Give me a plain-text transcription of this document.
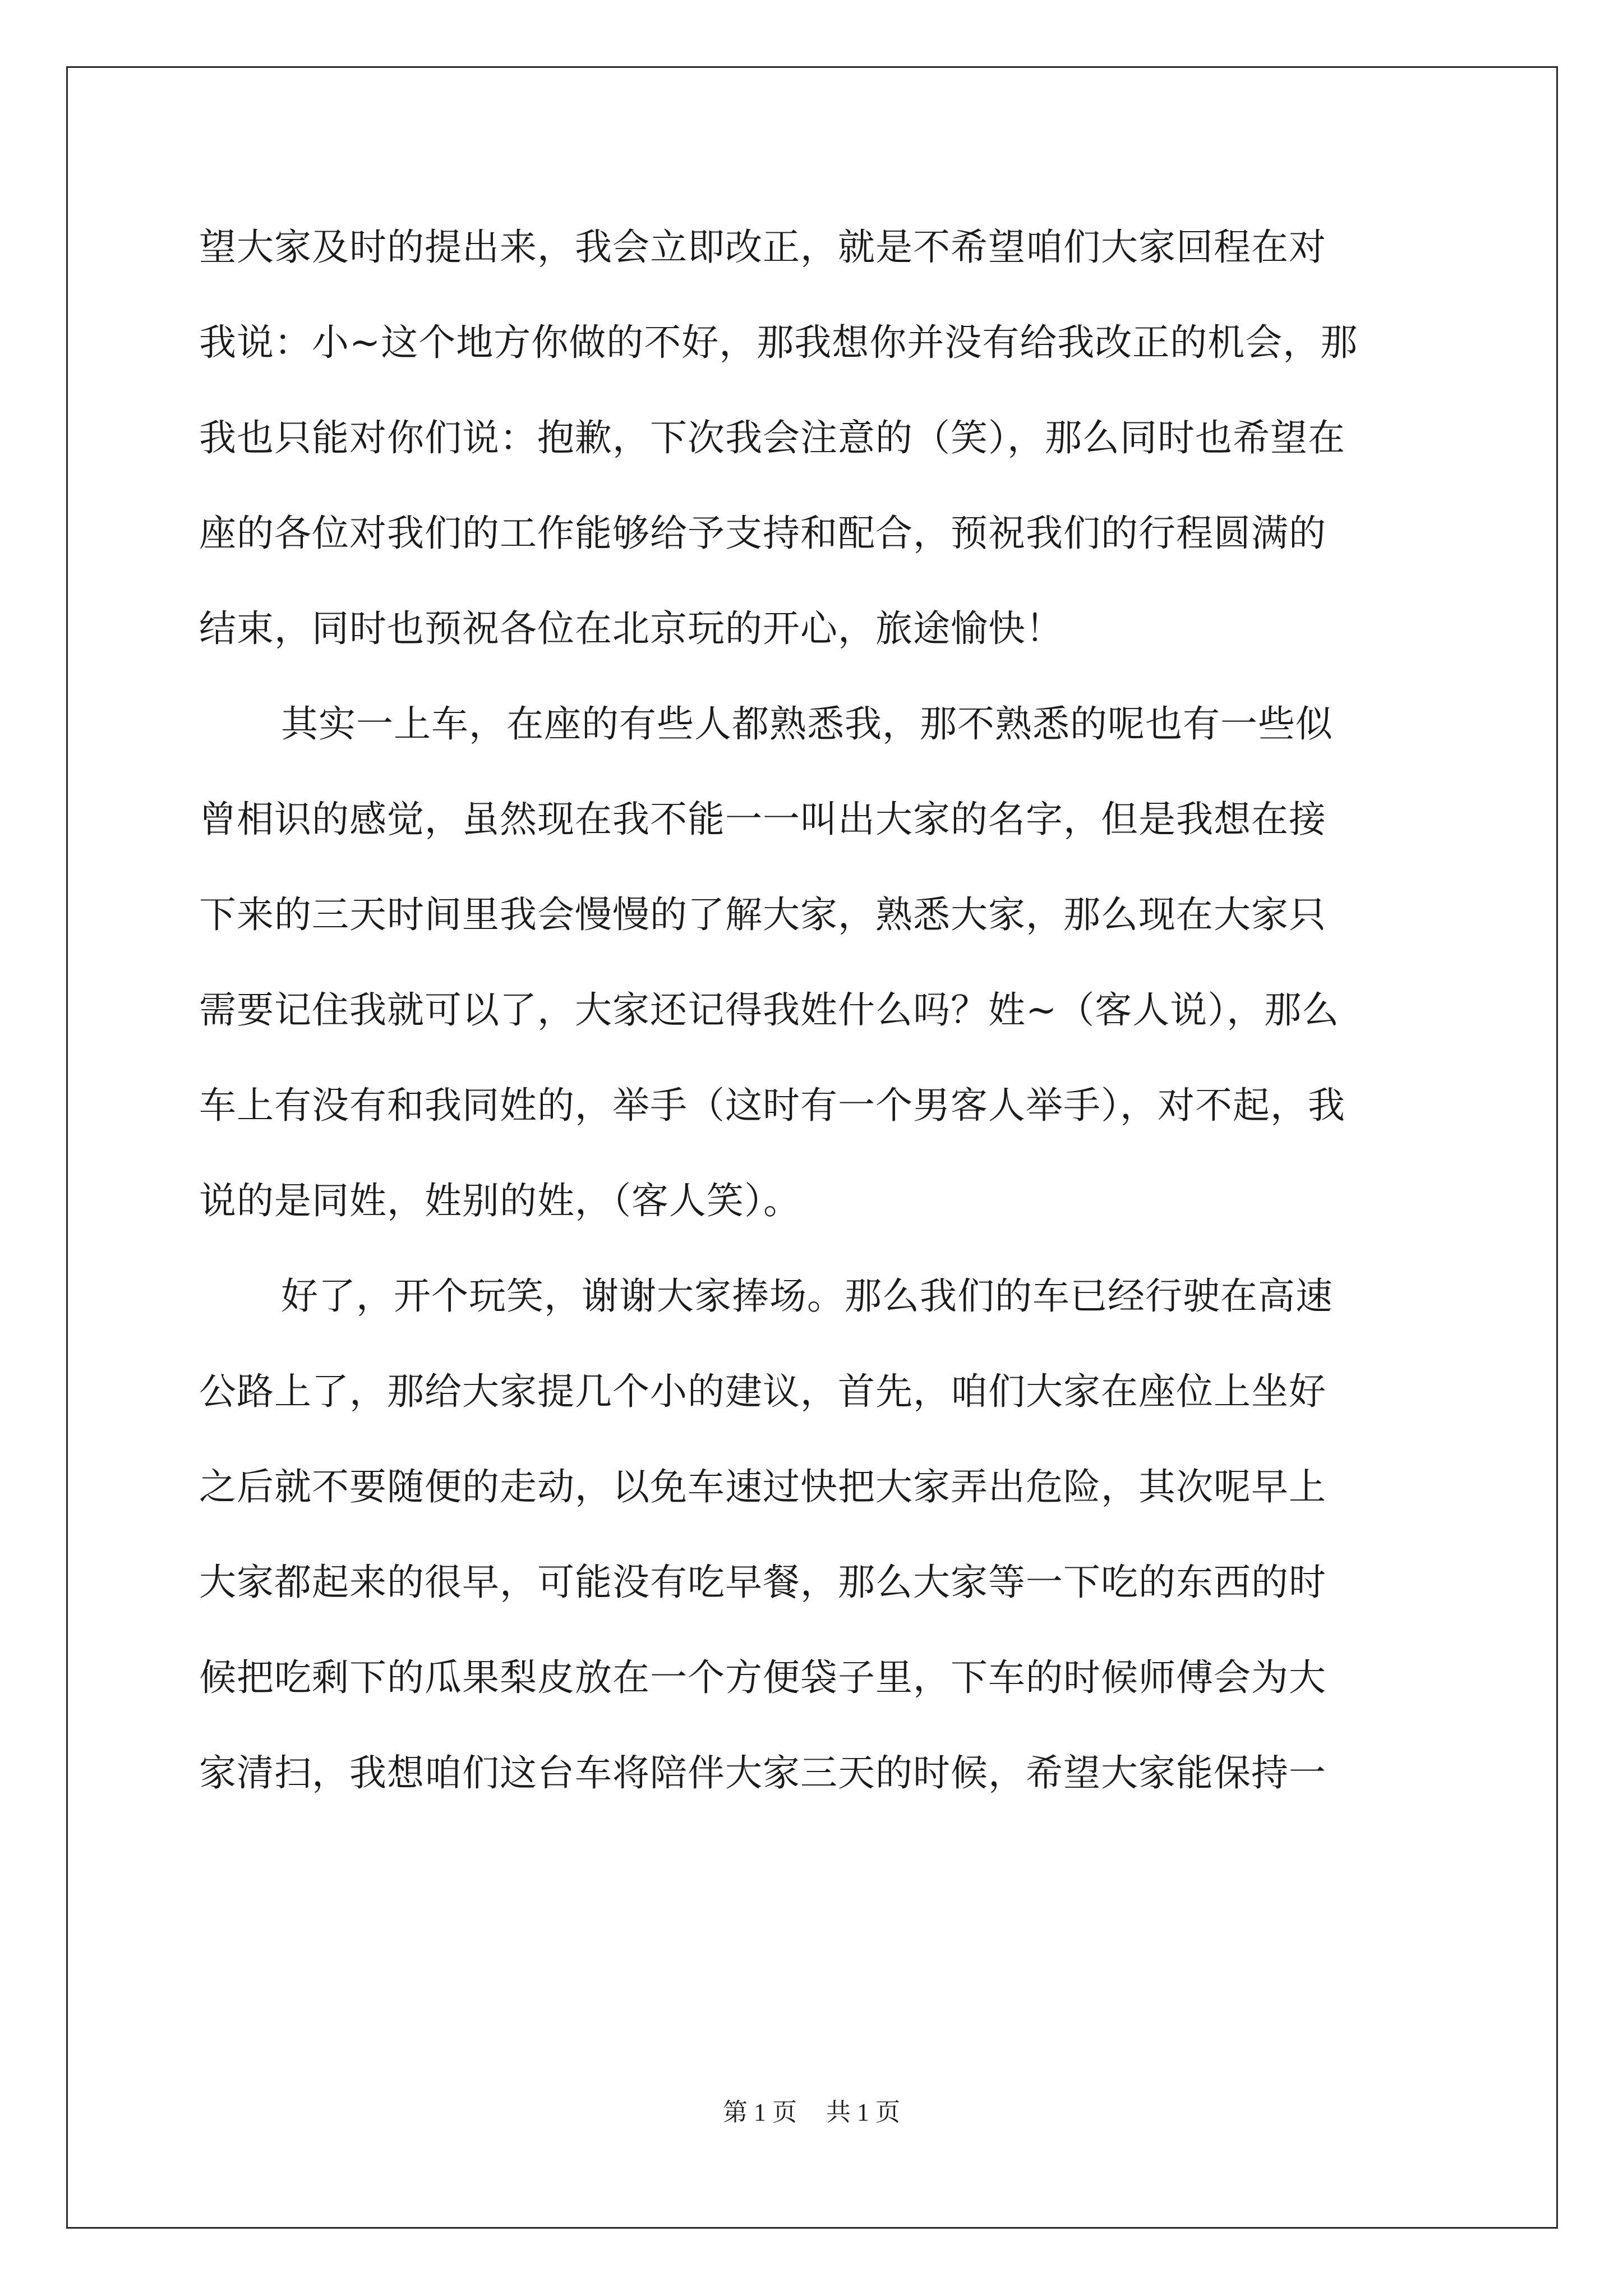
望大家及时的提出来，我会立即改正，就是不希望咱们大家回程在对
我说：小~这个地方你做的不好，那我想你并没有给我改正的机会，那
我也只能对你们说：抱歉，下次我会注意的（笑），那么同时也希望在
座的各位对我们的工作能够给予支持和配合，预祝我们的行程圆满的
结束，同时也预祝各位在北京玩的开心，旅途愉快！
其实一上车，在座的有些人都熟悉我，那不熟悉的呢也有一些似
曾相识的感觉，虽然现在我不能一一叫出大家的名字，但是我想在接
下来的三天时间里我会慢慢的了解大家，熟悉大家，那么现在大家只
需要记住我就可以了，大家还记得我姓什么吗？姓~（客人说），那么
车上有没有和我同姓的，举手（这时有一个男客人举手），对不起，我
说的是同姓，姓别的姓，（客人笑）。
好了，开个玩笑，谢谢大家捧场。那么我们的车已经行驶在高速
公路上了，那给大家提几个小的建议，首先，咱们大家在座位上坐好
之后就不要随便的走动，以免车速过快把大家弄出危险，其次呢早上
大家都起来的很早，可能没有吃早餐，那么大家等一下吃的东西的时
候把吃剩下的瓜果梨皮放在一个方便袋子里，下车的时候师傅会为大
家清扫，我想咱们这台车将陪伴大家三天的时候，希望大家能保持一
第 1 页 共 1 页
